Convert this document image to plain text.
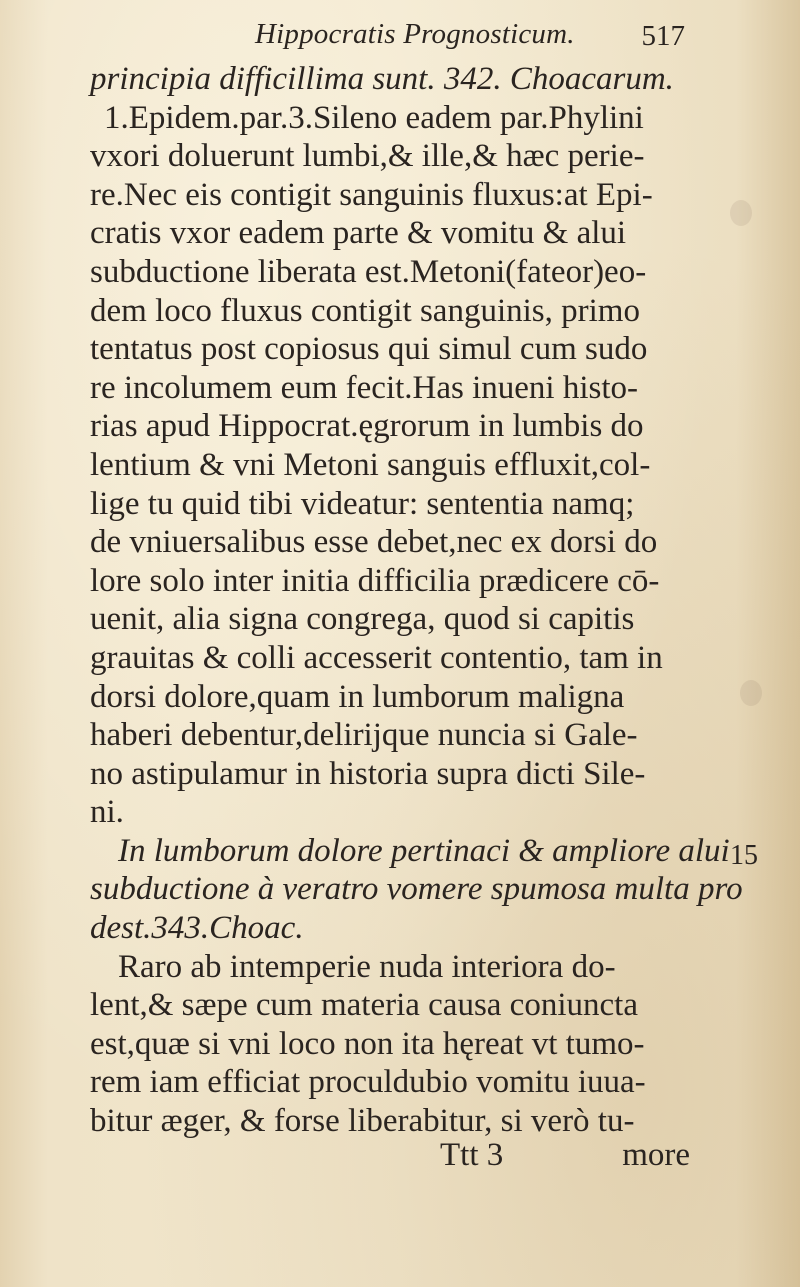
Hippocratis Prognosticum. 517
principia difficillima sunt. 342. Choacarum.
1.Epidem.par.3.Sileno eadem par.Phylini
vxori doluerunt lumbi,& ille,& hæc perie-
re.Nec eis contigit sanguinis fluxus:at Epi-
cratis vxor eadem parte & vomitu & alui
subductione liberata est.Metoni(fateor)eo-
dem loco fluxus contigit sanguinis, primo
tentatus post copiosus qui simul cum sudo
re incolumem eum fecit.Has inueni histo-
rias apud Hippocrat.ęgrorum in lumbis do
lentium & vni Metoni sanguis effluxit,col-
lige tu quid tibi videatur: sententia namq;
de vniuersalibus esse debet,nec ex dorsi do
lore solo inter initia difficilia prædicere cō-
uenit, alia signa congrega, quod si capitis
grauitas & colli accesserit contentio, tam in
dorsi dolore,quam in lumborum maligna
haberi debentur,delirijque nuncia si Gale-
no astipulamur in historia supra dicti Sile-
ni.
In lumborum dolore pertinaci & ampliore alui
subductione à veratro vomere spumosa multa pro
dest.343.Choac.
Raro ab intemperie nuda interiora do-
lent,& sæpe cum materia causa coniuncta
est,quæ si vni loco non ita hęreat vt tumo-
rem iam efficiat proculdubio vomitu iuua-
bitur æger, & forse liberabitur, si verò tu-
15
Ttt 3	more
